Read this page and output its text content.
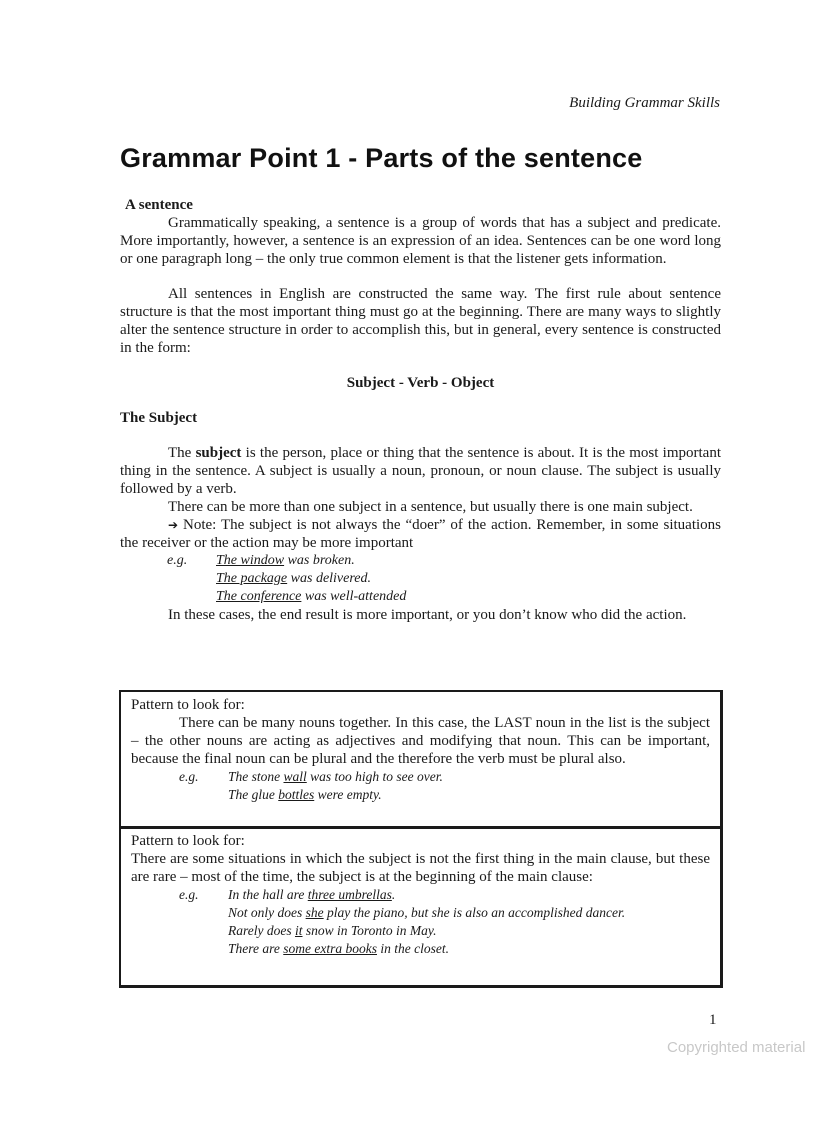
Building Grammar Skills
Grammar Point 1 - Parts of the sentence

A sentence

Grammatically speaking, a sentence is a group of words that has a subject and predicate. More importantly, however, a sentence is an expression of an idea. Sentences can be one word long or one paragraph long – the only true common element is that the listener gets information.

All sentences in English are constructed the same way. The first rule about sentence structure is that the most important thing must go at the beginning. There are many ways to slightly alter the sentence structure in order to accomplish this, but in general, every sentence is constructed in the form:

Subject - Verb - Object

The Subject

The subject is the person, place or thing that the sentence is about. It is the most important thing in the sentence. A subject is usually a noun, pronoun, or noun clause. The subject is usually followed by a verb.

There can be more than one subject in a sentence, but usually there is one main subject.

➔ Note: The subject is not always the “doer” of the action. Remember, in some situations the receiver or the action may be more important

e.g.	The window was broken.
The package was delivered.
The conference was well-attended

In these cases, the end result is more important, or you don’t know who did the action.

Pattern to look for:

There can be many nouns together. In this case, the LAST noun in the list is the subject – the other nouns are acting as adjectives and modifying that noun. This can be important, because the final noun can be plural and the therefore the verb must be plural also.

e.g.	The stone wall was too high to see over.
The glue bottles were empty.

Pattern to look for:

There are some situations in which the subject is not the first thing in the main clause, but these are rare – most of the time, the subject is at the beginning of the main clause:

e.g.	In the hall are three umbrellas.
Not only does she play the piano, but she is also an accomplished dancer.
Rarely does it snow in Toronto in May.
There are some extra books in the closet.
1
Copyrighted material
